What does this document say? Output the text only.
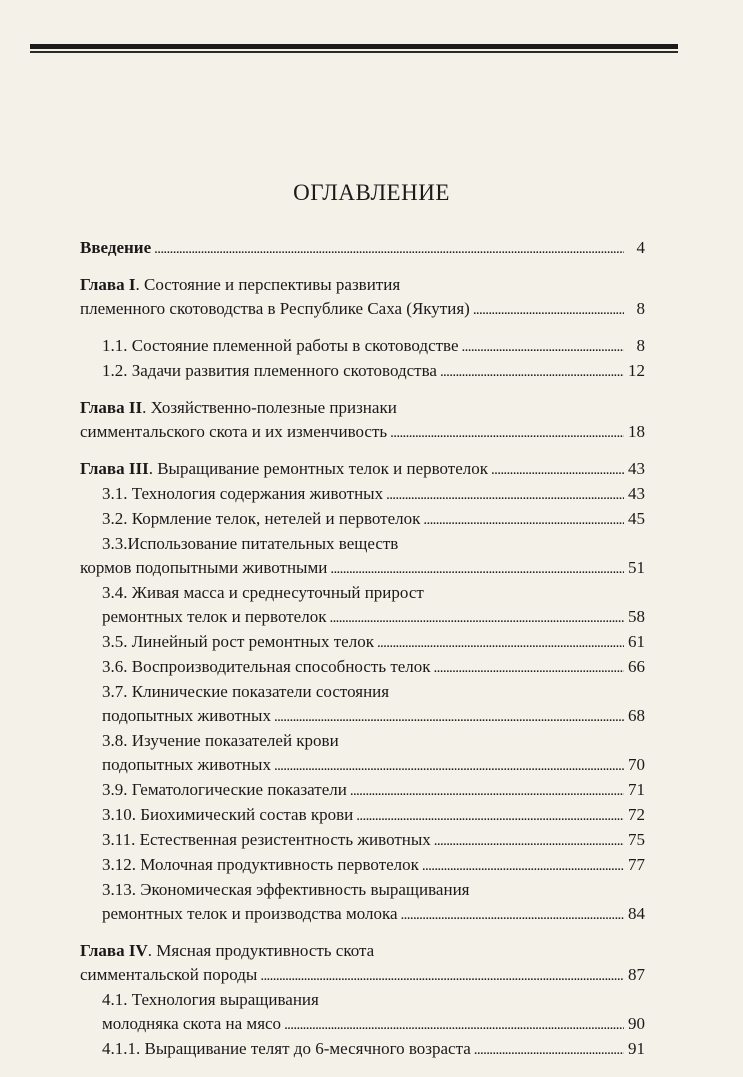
ОГЛАВЛЕНИЕ
Введение . . .	4
Глава I. Состояние и перспективы развития
племенного скотоводства в Республике Саха (Якутия) . . .	8
1.1. Состояние племенной работы в скотоводстве . . .	8
1.2. Задачи развития племенного скотоводства . . .	12
Глава II. Хозяйственно-полезные признаки
симментальского скота и их изменчивость . . .	18
Глава III. Выращивание ремонтных телок и первотелок . . .	43
3.1. Технология содержания животных . . .	43
3.2. Кормление телок, нетелей и первотелок . . .	45
3.3.Использование питательных веществ
кормов подопытными животными . . .	51
3.4. Живая масса и среднесуточный прирост
ремонтных телок и первотелок . . .	58
3.5. Линейный рост ремонтных телок . . .	61
3.6. Воспроизводительная способность телок . . .	66
3.7. Клинические показатели состояния
подопытных животных . . .	68
3.8. Изучение показателей крови
подопытных животных . . .	70
3.9. Гематологические показатели . . .	71
3.10. Биохимический состав крови . . .	72
3.11. Естественная резистентность животных . . .	75
3.12. Молочная продуктивность первотелок . . .	77
3.13. Экономическая эффективность выращивания
ремонтных телок и производства молока . . .	84
Глава IV. Мясная продуктивность скота
симментальской породы . . .	87
4.1. Технология выращивания
молодняка скота на мясо . . .	90
4.1.1. Выращивание телят до 6-месячного возраста . . .	91
